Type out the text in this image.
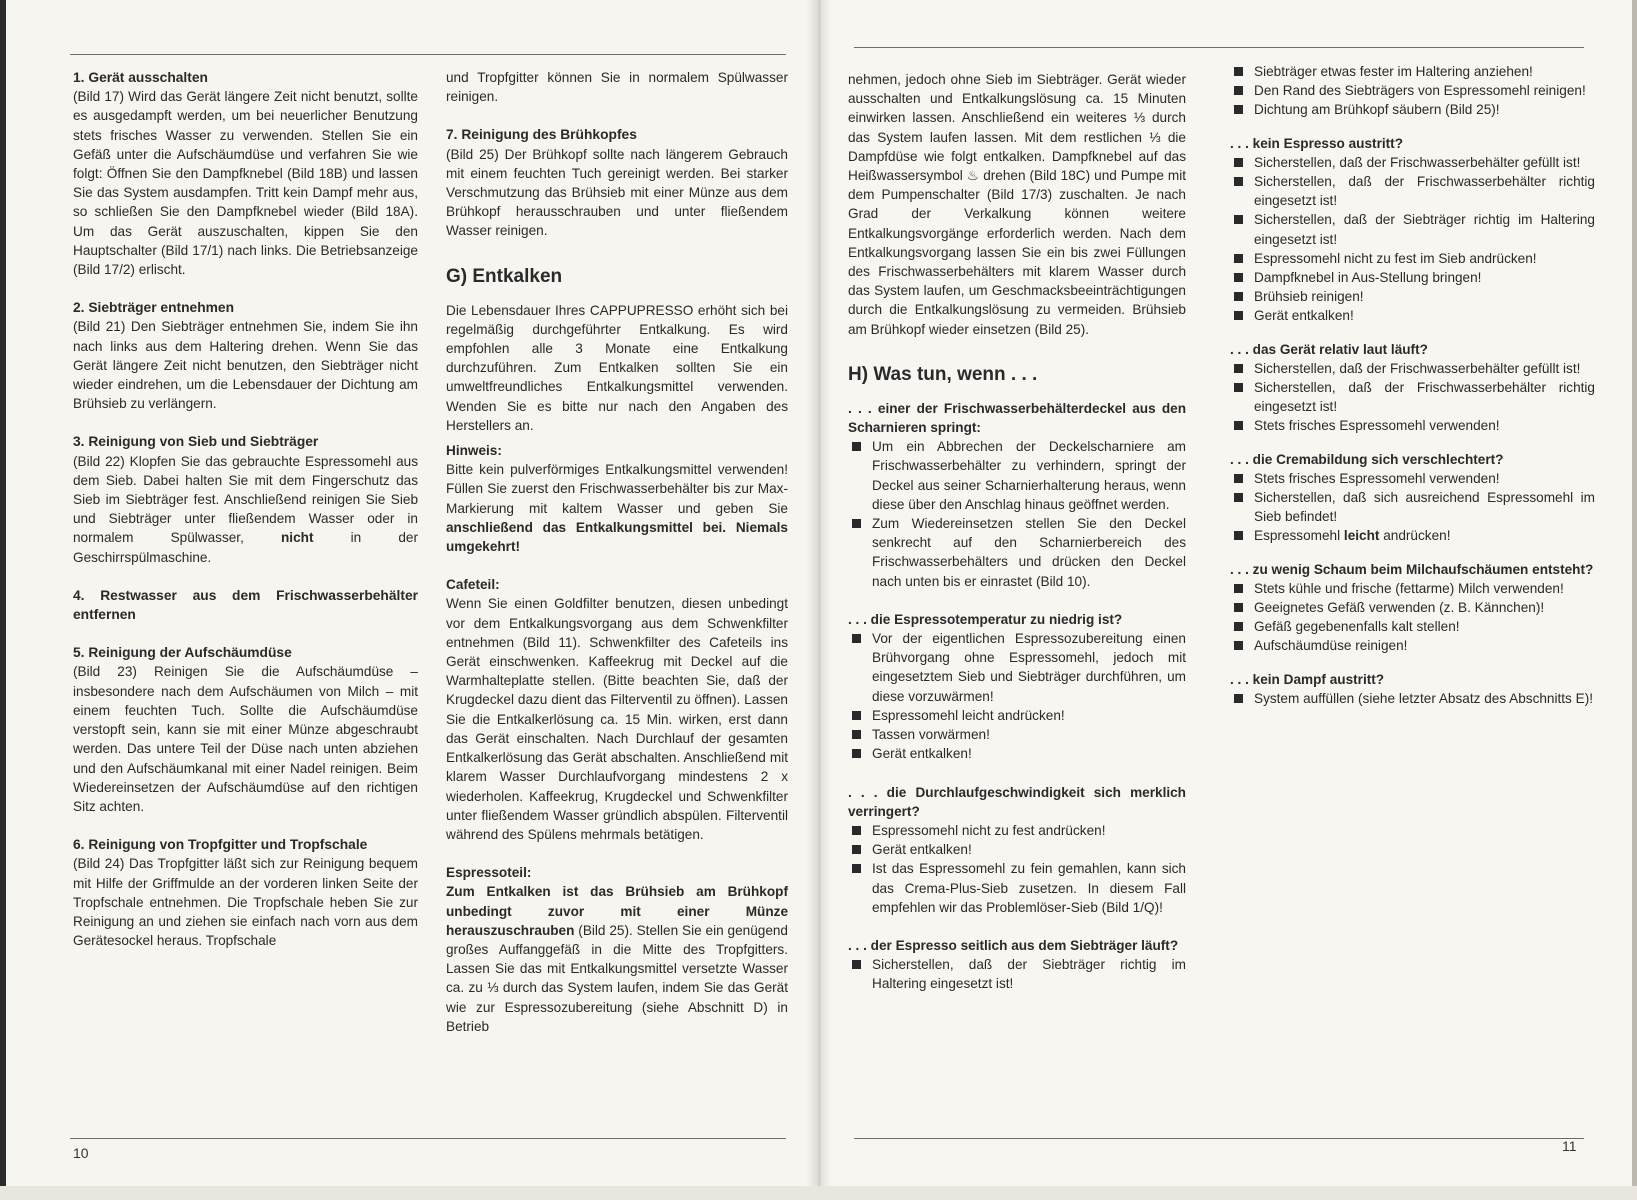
1. Gerät ausschalten

(Bild 17) Wird das Gerät längere Zeit nicht benutzt, sollte es ausgedampft werden, um bei neuerlicher Benutzung stets frisches Wasser zu verwenden. Stellen Sie ein Gefäß unter die Aufschäumdüse und verfahren Sie wie folgt: Öffnen Sie den Dampfknebel (Bild 18B) und lassen Sie das System ausdampfen. Tritt kein Dampf mehr aus, so schließen Sie den Dampfknebel wieder (Bild 18A). Um das Gerät auszuschalten, kippen Sie den Hauptschalter (Bild 17/1) nach links. Die Betriebsanzeige (Bild 17/2) erlischt.

2. Siebträger entnehmen

(Bild 21) Den Siebträger entnehmen Sie, indem Sie ihn nach links aus dem Haltering drehen. Wenn Sie das Gerät längere Zeit nicht benutzen, den Siebträger nicht wieder eindrehen, um die Lebensdauer der Dichtung am Brühsieb zu verlängern.

3. Reinigung von Sieb und Siebträger

(Bild 22) Klopfen Sie das gebrauchte Espressomehl aus dem Sieb. Dabei halten Sie mit dem Fingerschutz das Sieb im Siebträger fest. Anschließend reinigen Sie Sieb und Siebträger unter fließendem Wasser oder in normalem Spülwasser,	nicht	in der Geschirrspülmaschine.

4. Restwasser aus dem Frischwasserbehälter entfernen
5. Reinigung der Aufschäumdüse

(Bild 23) Reinigen Sie die Aufschäumdüse – insbesondere nach dem Aufschäumen von Milch – mit einem feuchten Tuch. Sollte die Aufschäumdüse verstopft sein, kann sie mit einer Münze abgeschraubt werden. Das untere Teil der Düse nach unten abziehen und den Aufschäumkanal mit einer Nadel reinigen. Beim Wiedereinsetzen der Aufschäumdüse auf den richtigen Sitz achten.

6. Reinigung von Tropfgitter und Tropfschale

(Bild 24) Das Tropfgitter läßt sich zur Reinigung bequem mit Hilfe der Griffmulde an der vorderen linken Seite der Tropfschale entnehmen. Die Tropfschale heben Sie zur Reinigung an und ziehen sie einfach nach vorn aus dem Gerätesockel heraus. Tropfschale

und Tropfgitter können Sie in normalem Spülwasser reinigen.

7. Reinigung des Brühkopfes

(Bild 25) Der Brühkopf sollte nach längerem Gebrauch mit einem feuchten Tuch gereinigt werden. Bei starker Verschmutzung das Brühsieb mit einer Münze aus dem Brühkopf herausschrauben und unter fließendem Wasser reinigen.

G) Entkalken

Die Lebensdauer Ihres CAPPUPRESSO erhöht sich bei regelmäßig durchgeführter Entkalkung. Es wird empfohlen alle 3 Monate eine Entkalkung durchzuführen. Zum Entkalken sollten Sie ein umweltfreundliches Entkalkungsmittel verwenden. Wenden Sie es bitte nur nach den Angaben des Herstellers an.

Hinweis:

Bitte kein pulverförmiges Entkalkungsmittel verwenden! Füllen Sie zuerst den Frischwasserbehälter bis zur Max-Markierung mit kaltem Wasser und geben Sie anschließend das Entkalkungsmittel bei. Niemals umgekehrt!

Cafeteil:

Wenn Sie einen Goldfilter benutzen, diesen unbedingt vor dem Entkalkungsvorgang aus dem Schwenkfilter entnehmen (Bild 11). Schwenkfilter des Cafeteils ins Gerät einschwenken. Kaffeekrug mit Deckel auf die Warmhalteplatte stellen. (Bitte beachten Sie, daß der Krugdeckel dazu dient das Filterventil zu öffnen). Lassen Sie die Entkalkerlösung ca. 15 Min. wirken, erst dann das Gerät einschalten. Nach Durchlauf der gesamten Entkalkerlösung das Gerät abschalten. Anschließend mit klarem Wasser Durchlaufvorgang mindestens 2 x wiederholen. Kaffeekrug, Krugdeckel und Schwenkfilter unter fließendem Wasser gründlich abspülen. Filterventil während des Spülens mehrmals betätigen.

Espressoteil:

Zum Entkalken ist das Brühsieb am Brühkopf unbedingt zuvor mit einer Münze herauszuschrauben (Bild 25). Stellen Sie ein genügend großes Auffanggefäß in die Mitte des Tropfgitters. Lassen Sie das mit Entkalkungsmittel versetzte Wasser ca. zu ⅓ durch das System laufen, indem Sie das Gerät wie zur Espressozubereitung (siehe Abschnitt D) in Betrieb

10

nehmen, jedoch ohne Sieb im Siebträger. Gerät wieder ausschalten und Entkalkungslösung ca. 15 Minuten einwirken lassen. Anschließend ein weiteres ⅓ durch das System laufen lassen. Mit dem restlichen ⅓ die Dampfdüse wie folgt entkalken. Dampfknebel auf das Heißwassersymbol ♨ drehen (Bild 18C) und Pumpe mit dem Pumpenschalter (Bild 17/3) zuschalten. Je nach Grad der Verkalkung können weitere Entkalkungsvorgänge erforderlich werden. Nach dem Entkalkungsvorgang lassen Sie ein bis zwei Füllungen des Frischwasserbehälters mit klarem Wasser durch das System laufen, um Geschmacksbeeinträchtigungen durch die Entkalkungslösung zu vermeiden. Brühsieb am Brühkopf wieder einsetzen (Bild 25).

H) Was tun, wenn . . .

. . . einer der Frischwasserbehälterdeckel aus den Scharnieren springt:

Um ein Abbrechen der Deckelscharniere am Frischwasserbehälter zu verhindern, springt der Deckel aus seiner Scharnierhalterung heraus, wenn diese über den Anschlag hinaus geöffnet werden.
Zum Wiedereinsetzen stellen Sie den Deckel senkrecht auf den Scharnierbereich des Frischwasserbehälters und drücken den Deckel nach unten bis er einrastet (Bild 10).

. . . die Espressotemperatur zu niedrig ist?

Vor der eigentlichen Espressozubereitung einen Brühvorgang ohne Espressomehl, jedoch mit eingesetztem Sieb und Siebträger durchführen, um diese vorzuwärmen!
Espressomehl leicht andrücken!
Tassen vorwärmen!
Gerät entkalken!

. . . die Durchlaufgeschwindigkeit sich merklich verringert?

Espressomehl nicht zu fest andrücken!
Gerät entkalken!
Ist das Espressomehl zu fein gemahlen, kann sich das Crema-Plus-Sieb zusetzen. In diesem Fall empfehlen wir das Problemlöser-Sieb (Bild 1/Q)!

. . . der Espresso seitlich aus dem Siebträger läuft?

Sicherstellen, daß der Siebträger richtig im Haltering eingesetzt ist!
Siebträger etwas fester im Haltering anziehen!
Den Rand des Siebträgers von Espressomehl reinigen!
Dichtung am Brühkopf säubern (Bild 25)!

. . . kein Espresso austritt?

Sicherstellen, daß der Frischwasserbehälter gefüllt ist!
Sicherstellen, daß der Frischwasserbehälter richtig eingesetzt ist!
Sicherstellen, daß der Siebträger richtig im Haltering eingesetzt ist!
Espressomehl nicht zu fest im Sieb andrücken!
Dampfknebel in Aus-Stellung bringen!
Brühsieb reinigen!
Gerät entkalken!

. . . das Gerät relativ laut läuft?

Sicherstellen, daß der Frischwasserbehälter gefüllt ist!
Sicherstellen, daß der Frischwasserbehälter richtig eingesetzt ist!
Stets frisches Espressomehl verwenden!

. . . die Cremabildung sich verschlechtert?

Stets frisches Espressomehl verwenden!
Sicherstellen, daß sich ausreichend Espressomehl im Sieb befindet!
Espressomehl leicht andrücken!

. . . zu wenig Schaum beim Milchaufschäumen entsteht?

Stets kühle und frische (fettarme) Milch verwenden!
Geeignetes Gefäß verwenden (z. B. Kännchen)!
Gefäß gegebenenfalls kalt stellen!
Aufschäumdüse reinigen!

. . . kein Dampf austritt?

System auffüllen (siehe letzter Absatz des Abschnitts E)!
11
